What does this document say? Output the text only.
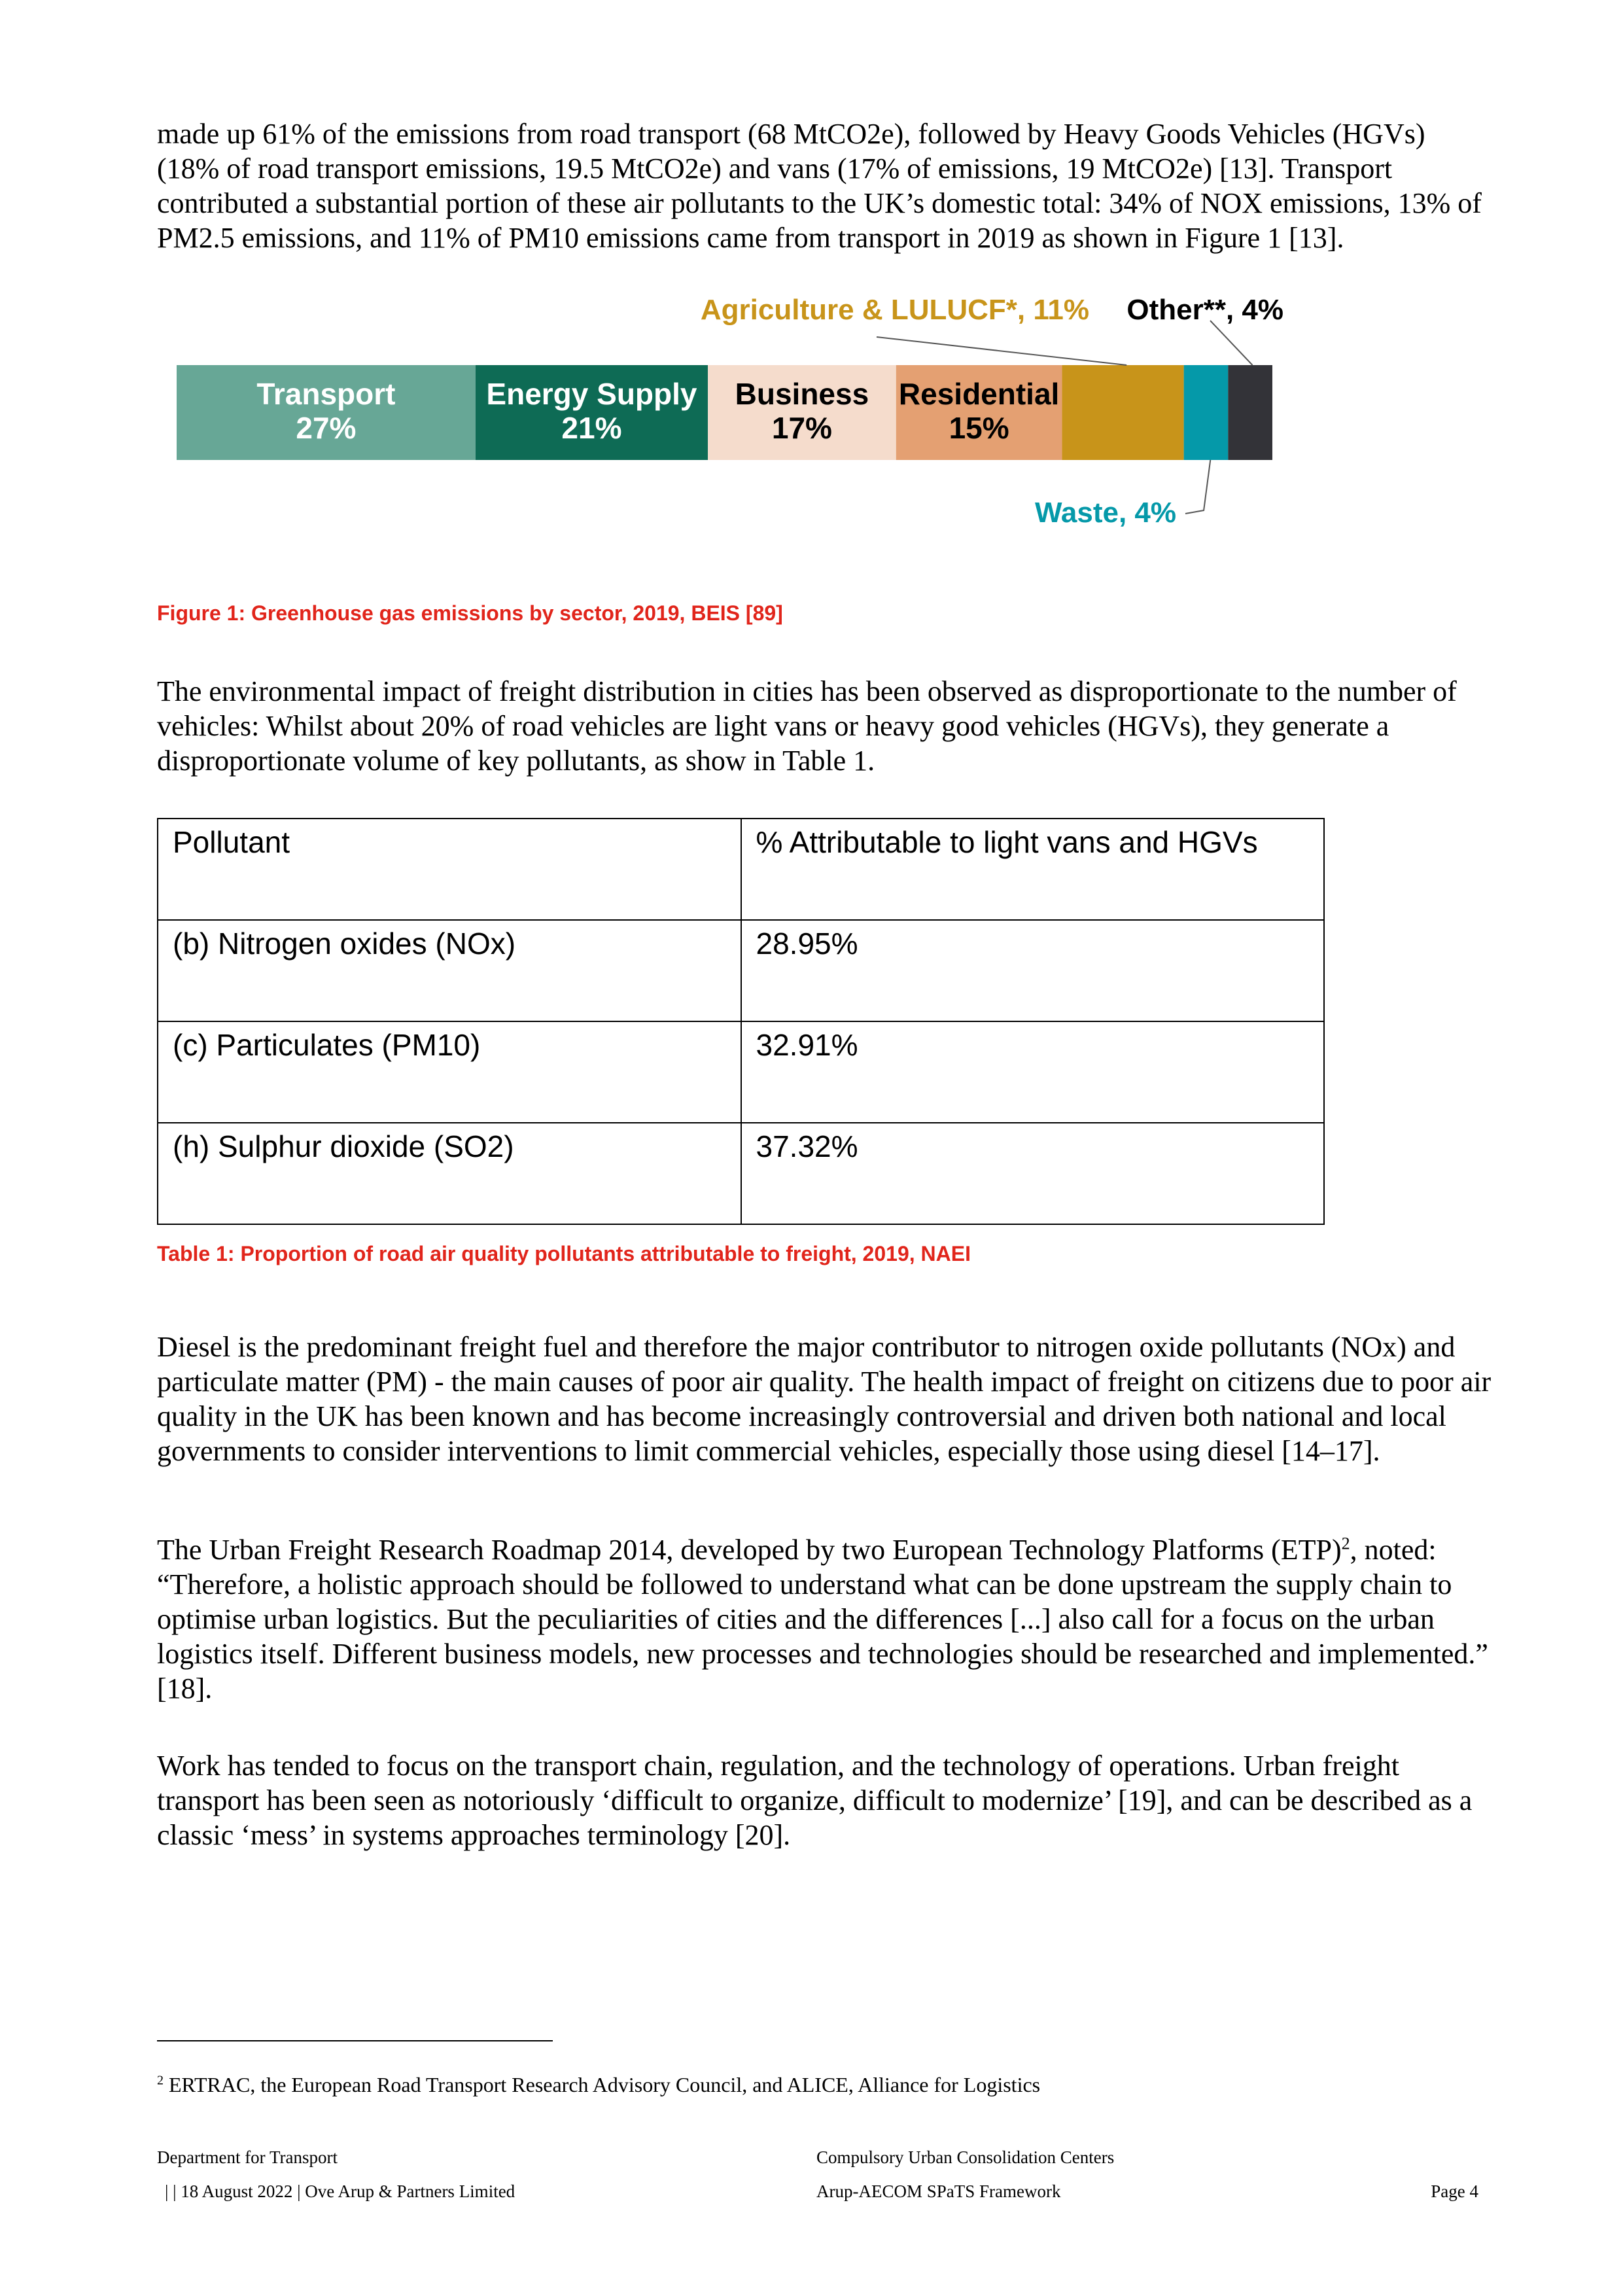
made up 61% of the emissions from road transport (68 MtCO2e), followed by Heavy Goods Vehicles (HGVs) (18% of road transport emissions, 19.5 MtCO2e) and vans (17% of emissions, 19 MtCO2e) [13]. Transport contributed a substantial portion of these air pollutants to the UK’s domestic total: 34% of NOX emissions, 13% of PM2.5 emissions, and 11% of PM10 emissions came from transport in 2019 as shown in Figure 1 [13].

Transport
27%
Energy Supply
21%
Business
17%
Residential
15%
Agriculture & LULUCF*, 11% Other**, 4%
Waste, 4%

Figure 1: Greenhouse gas emissions by sector, 2019, BEIS [89]

The environmental impact of freight distribution in cities has been observed as disproportionate to the number of vehicles: Whilst about 20% of road vehicles are light vans or heavy good vehicles (HGVs), they generate a disproportionate volume of key pollutants, as show in Table 1.

Pollutant	% Attributable to light vans and HGVs
(b) Nitrogen oxides (NOx)	28.95%
(c) Particulates (PM10)	32.91%
(h) Sulphur dioxide (SO2)	37.32%

Table 1: Proportion of road air quality pollutants attributable to freight, 2019, NAEI

Diesel is the predominant freight fuel and therefore the major contributor to nitrogen oxide pollutants (NOx) and particulate matter (PM) - the main causes of poor air quality. The health impact of freight on citizens due to poor air quality in the UK has been known and has become increasingly controversial and driven both national and local governments to consider interventions to limit commercial vehicles, especially those using diesel [14–17].

The Urban Freight Research Roadmap 2014, developed by two European Technology Platforms (ETP)$^2$, noted: “Therefore, a holistic approach should be followed to understand what can be done upstream the supply chain to optimise urban logistics. But the peculiarities of cities and the differences [...] also call for a focus on the urban logistics itself. Different business models, new processes and technologies should be researched and implemented.” [18].

Work has tended to focus on the transport chain, regulation, and the technology of operations. Urban freight transport has been seen as notoriously ‘difficult to organize, difficult to modernize’ [19], and can be described as a classic ‘mess’ in systems approaches terminology [20].

$^2$ ERTRAC, the European Road Transport Research Advisory Council, and ALICE, Alliance for Logistics

Department for Transport

| | 18 August 2022 | Ove Arup & Partners Limited

Compulsory Urban Consolidation Centers

Arup-AECOM SPaTS Framework	Page 4
